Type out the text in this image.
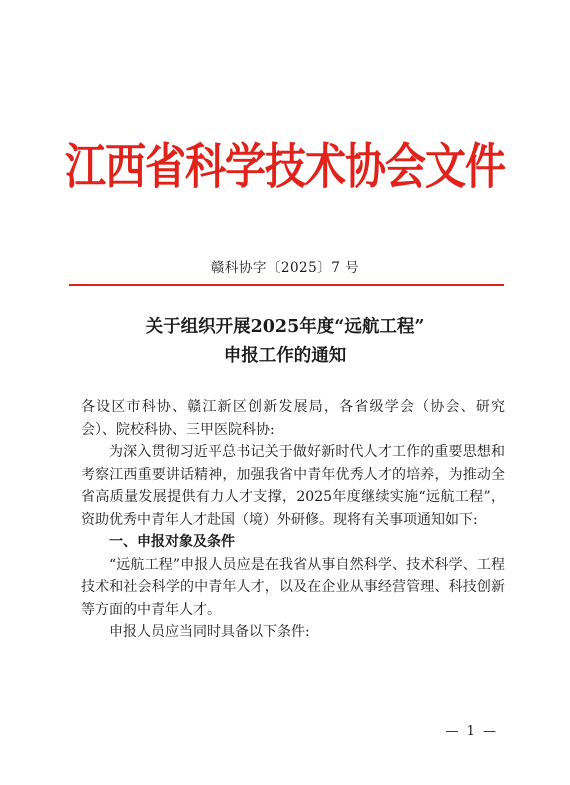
江西省科学技术协会文件
赣科协字〔2025〕7 号
关于组织开展2025年度“远航工程”
申报工作的通知

各设区市科协、赣江新区创新发展局，各省级学会（协会、研究会）、院校科协、三甲医院科协:

为深入贯彻习近平总书记关于做好新时代人才工作的重要思想和考察江西重要讲话精神，加强我省中青年优秀人才的培养，为推动全省高质量发展提供有力人才支撑，2025年度继续实施“远航工程”，资助优秀中青年人才赴国（境）外研修。现将有关事项通知如下:

一、申报对象及条件

“远航工程”申报人员应是在我省从事自然科学、技术科学、工程技术和社会科学的中青年人才，以及在企业从事经营管理、科技创新等方面的中青年人才。

申报人员应当同时具备以下条件:

— 1 —
